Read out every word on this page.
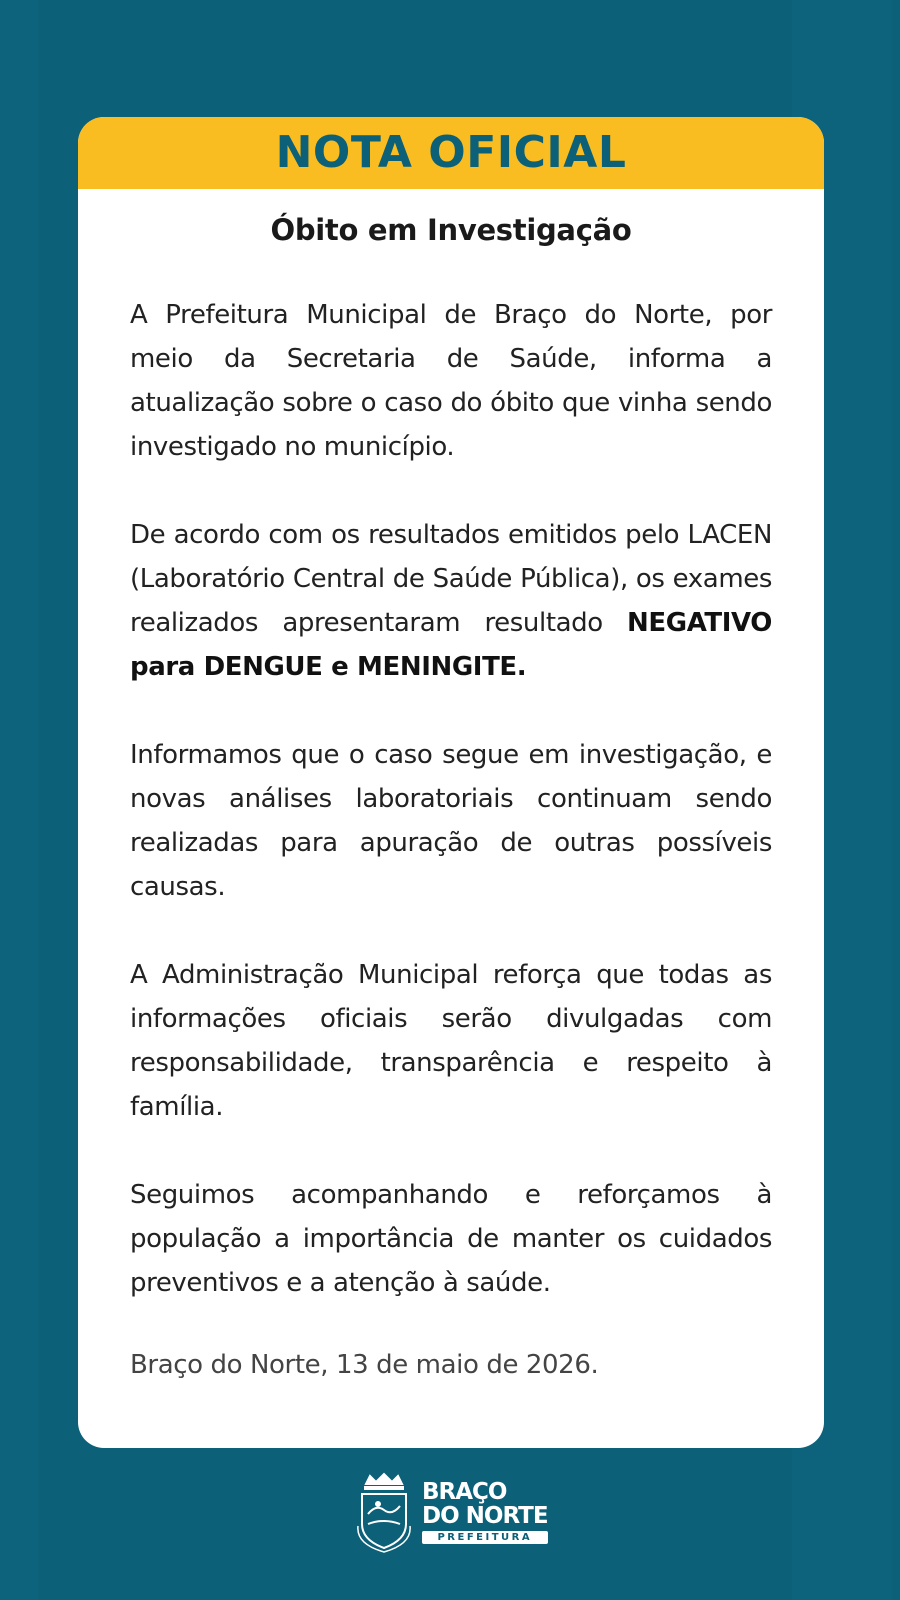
NOTA OFICIAL
Óbito em Investigação

A Prefeitura Municipal de Braço do Norte, por meio da Secretaria de Saúde, informa a atualização sobre o caso do óbito que vinha sendo investigado no município.

De acordo com os resultados emitidos pelo LACEN (Laboratório Central de Saúde Pública), os exames realizados apresentaram resultado NEGATIVO para DENGUE e MENINGITE.

Informamos que o caso segue em investigação, e novas análises laboratoriais continuam sendo realizadas para apuração de outras possíveis causas.

A Administração Municipal reforça que todas as informações oficiais serão divulgadas com responsabilidade, transparência e respeito à família.

Seguimos acompanhando e reforçamos à população a importância de manter os cuidados preventivos e a atenção à saúde.

Braço do Norte, 13 de maio de 2026.

BRAÇO
DO NORTE
PREFEITURA
